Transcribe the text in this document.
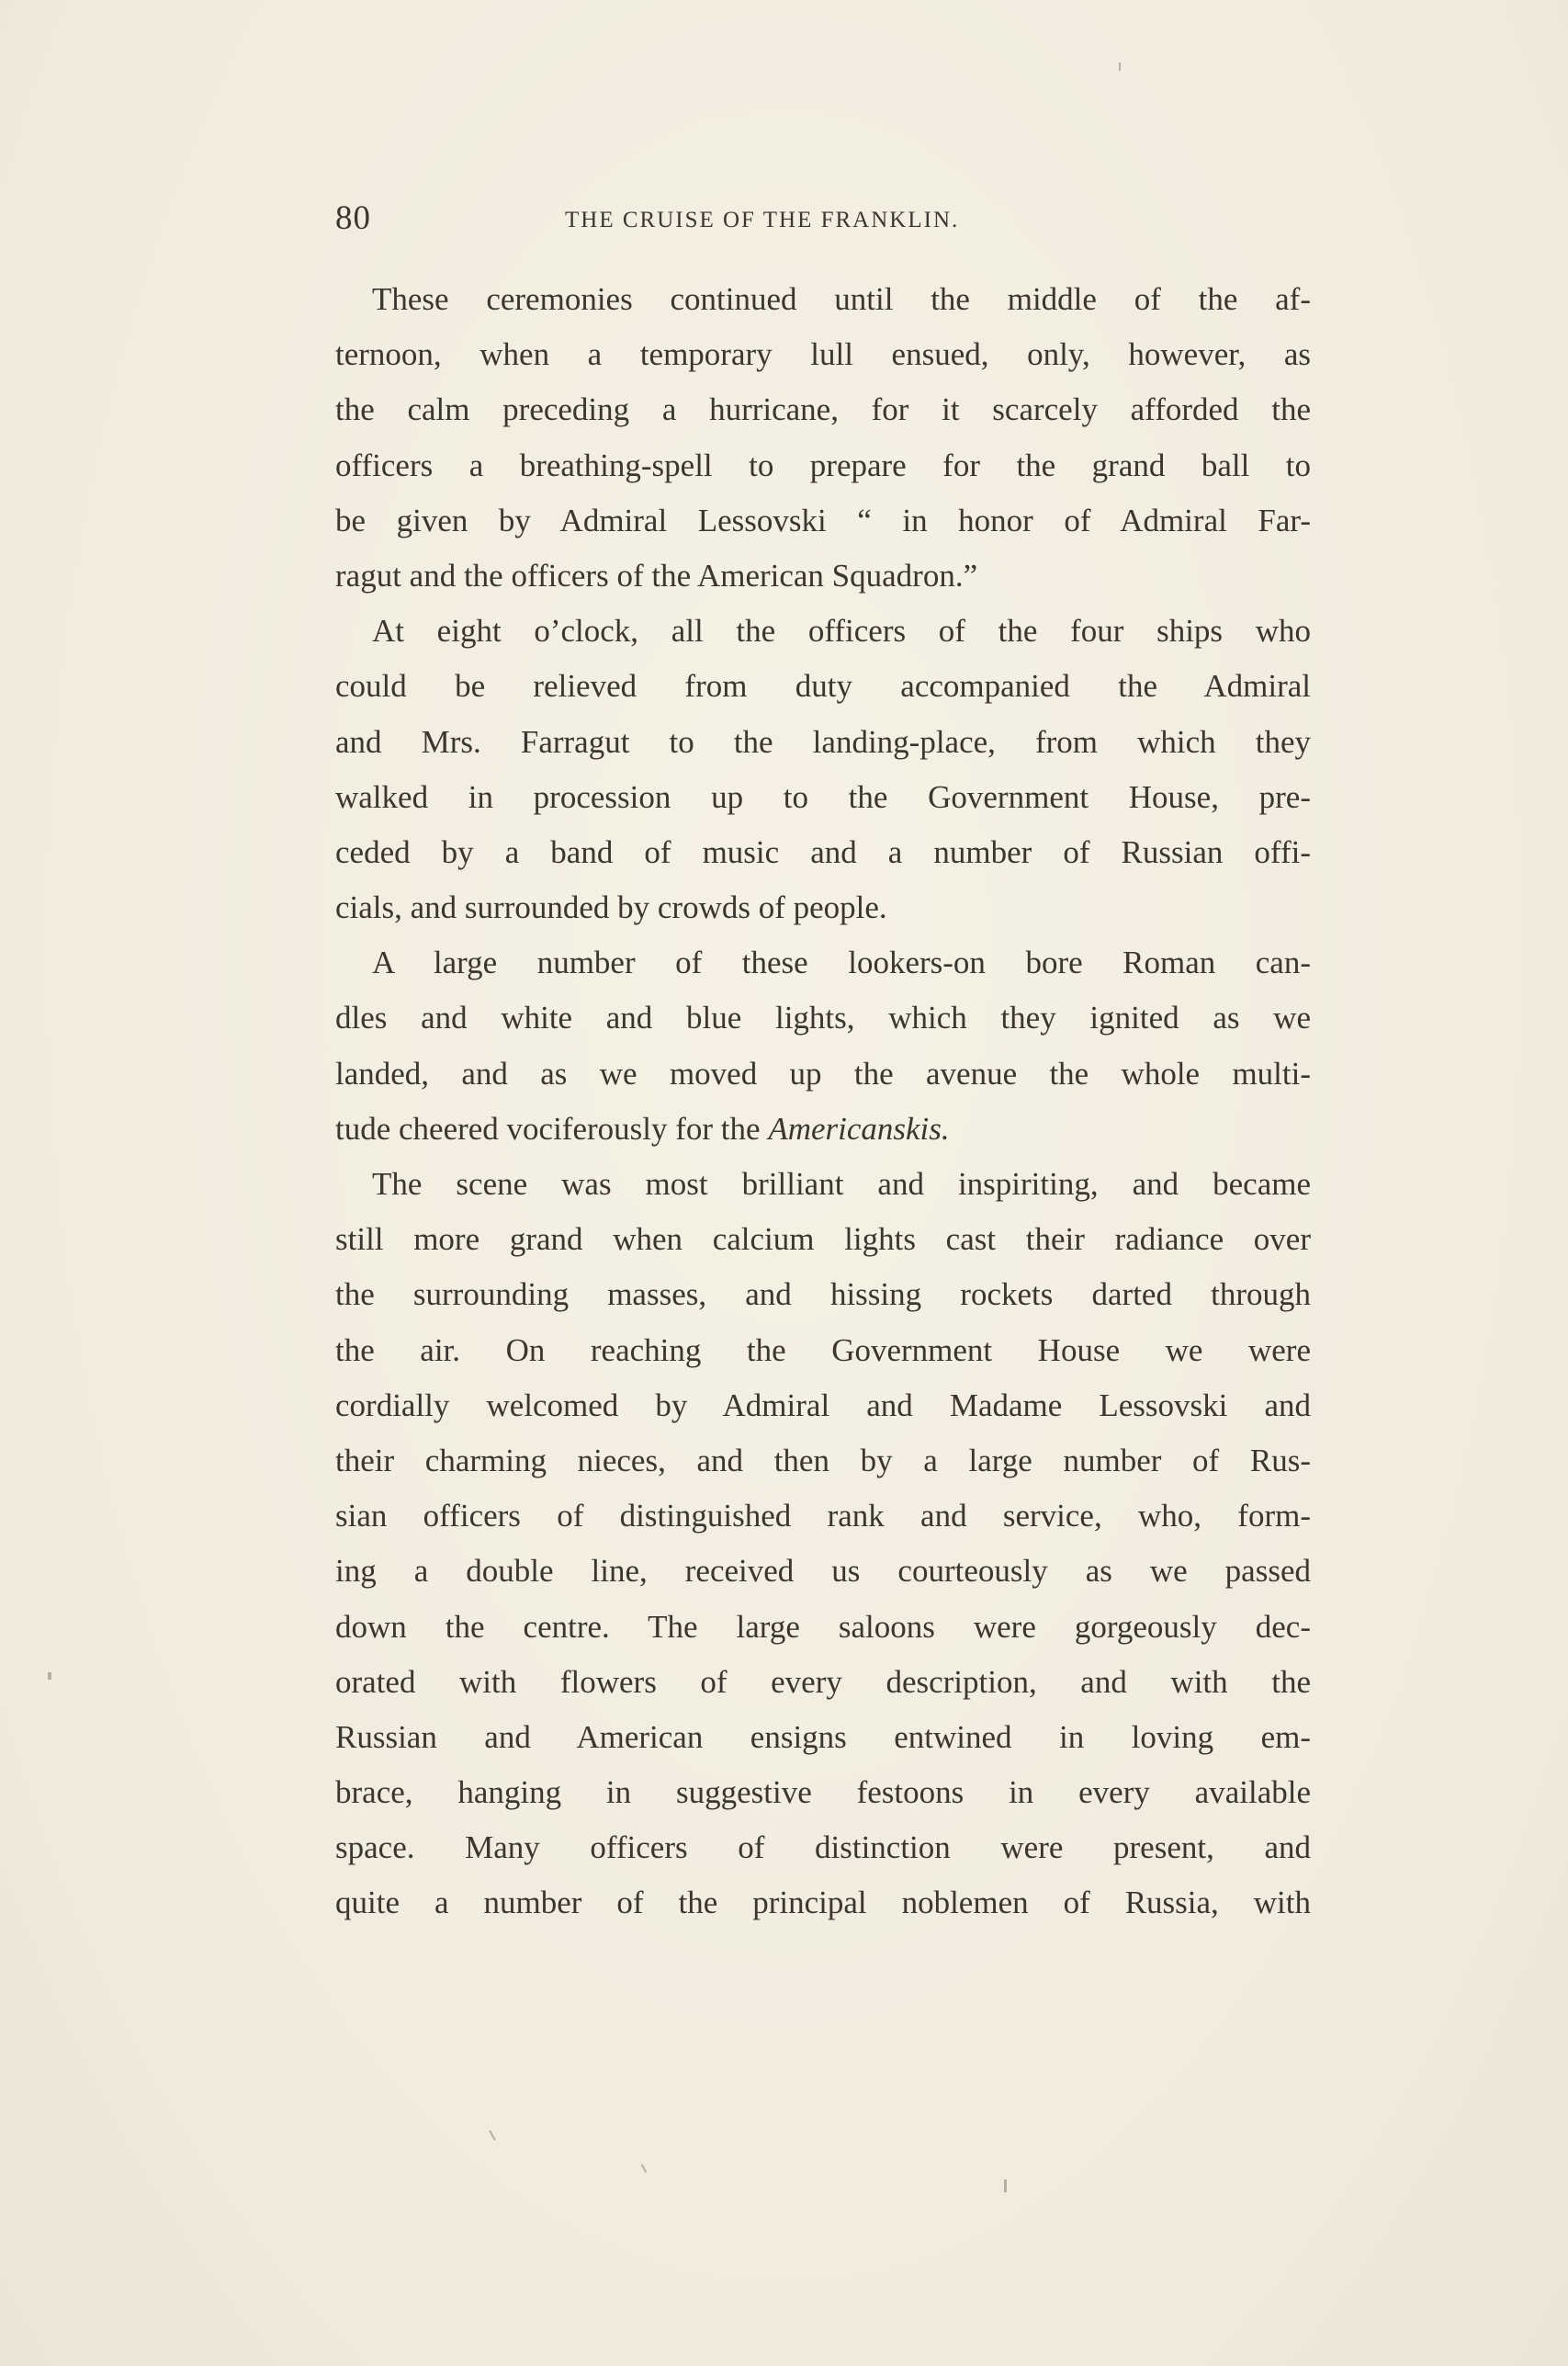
80	THE CRUISE OF THE FRANKLIN.
These ceremonies continued until the middle of the af-
ternoon, when a temporary lull ensued, only, however, as
the calm preceding a hurricane, for it scarcely afforded the
officers a breathing-spell to prepare for the grand ball to
be given by Admiral Lessovski “ in honor of Admiral Far-
ragut and the officers of the American Squadron.”
At eight o’clock, all the officers of the four ships who
could be relieved from duty accompanied the Admiral
and Mrs. Farragut to the landing-place, from which they
walked in procession up to the Government House, pre-
ceded by a band of music and a number of Russian offi-
cials, and surrounded by crowds of people.
A large number of these lookers-on bore Roman can-
dles and white and blue lights, which they ignited as we
landed, and as we moved up the avenue the whole multi-
tude cheered vociferously for the Americanskis.
The scene was most brilliant and inspiriting, and became
still more grand when calcium lights cast their radiance over
the surrounding masses, and hissing rockets darted through
the air. On reaching the Government House we were
cordially welcomed by Admiral and Madame Lessovski and
their charming nieces, and then by a large number of Rus-
sian officers of distinguished rank and service, who, form-
ing a double line, received us courteously as we passed
down the centre. The large saloons were gorgeously dec-
orated with flowers of every description, and with the
Russian and American ensigns entwined in loving em-
brace, hanging in suggestive festoons in every available
space. Many officers of distinction were present, and
quite a number of the principal noblemen of Russia, with
